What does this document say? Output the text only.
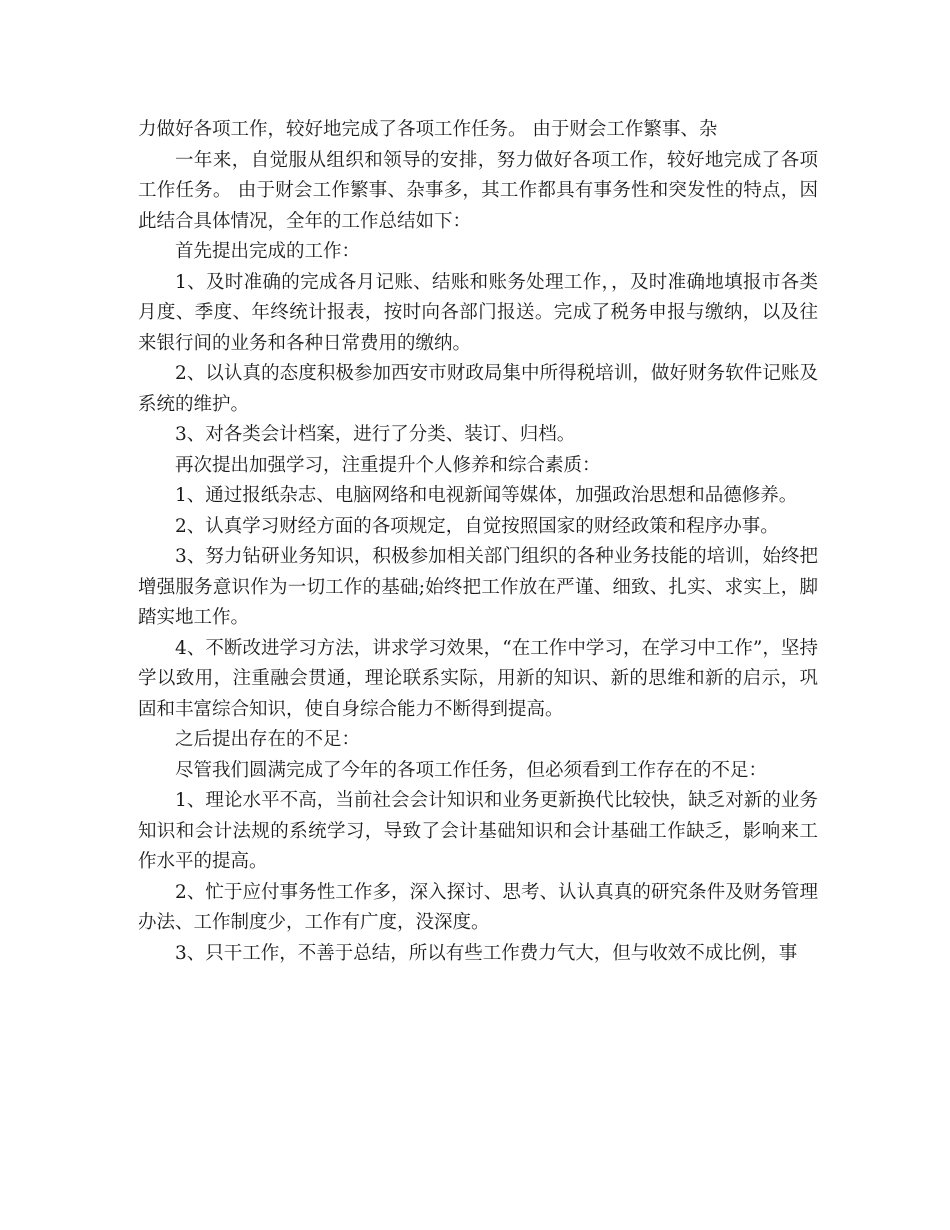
力做好各项工作，较好地完成了各项工作任务。 由于财会工作繁事、杂

一年来，自觉服从组织和领导的安排，努力做好各项工作，较好地完成了各项工作任务。 由于财会工作繁事、杂事多，其工作都具有事务性和突发性的特点，因此结合具体情况，全年的工作总结如下：

首先提出完成的工作：

1、及时准确的完成各月记账、结账和账务处理工作，，及时准确地填报市各类月度、季度、年终统计报表，按时向各部门报送。完成了税务申报与缴纳，以及往来银行间的业务和各种日常费用的缴纳。

2、以认真的态度积极参加西安市财政局集中所得税培训，做好财务软件记账及系统的维护。

3、对各类会计档案，进行了分类、装订、归档。

再次提出加强学习，注重提升个人修养和综合素质：

1、通过报纸杂志、电脑网络和电视新闻等媒体，加强政治思想和品德修养。

2、认真学习财经方面的各项规定，自觉按照国家的财经政策和程序办事。

3、努力钻研业务知识，积极参加相关部门组织的各种业务技能的培训，始终把增强服务意识作为一切工作的基础;始终把工作放在严谨、细致、扎实、求实上，脚踏实地工作。

4、不断改进学习方法，讲求学习效果，“在工作中学习，在学习中工作”，坚持学以致用，注重融会贯通，理论联系实际，用新的知识、新的思维和新的启示，巩固和丰富综合知识，使自身综合能力不断得到提高。

之后提出存在的不足：

尽管我们圆满完成了今年的各项工作任务，但必须看到工作存在的不足：

1、理论水平不高，当前社会会计知识和业务更新换代比较快，缺乏对新的业务知识和会计法规的系统学习，导致了会计基础知识和会计基础工作缺乏，影响来工作水平的提高。

2、忙于应付事务性工作多，深入探讨、思考、认认真真的研究条件及财务管理办法、工作制度少，工作有广度，没深度。

3、只干工作，不善于总结，所以有些工作费力气大，但与收效不成比例，事
